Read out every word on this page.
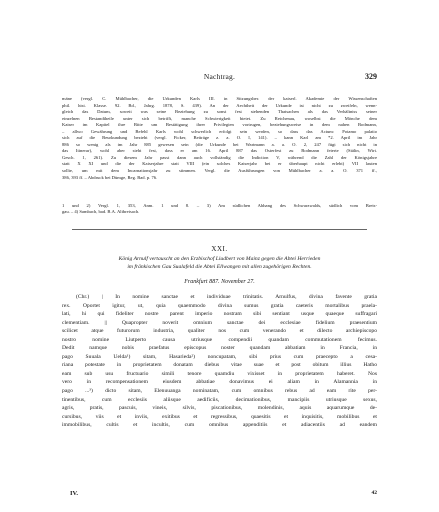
Nachtrag.	329
mäne (vergl. C. Mühlbacher, die Urkunden Karls III. in Sitzungsber. der kaiserl. Akademie der Wissenschaften
phil. hist. Klasse. 92. Bd., Jahrg. 1878, S. 439). An der Aechtheit der Urkunde ist nicht zu zweifeln, wenn-
gleich das Datum, soweit was seine Beziehung zu sonst fest stehenden Thatsachen als das Verhältniss seiner
einzelnen Bestandtheile unter sich betrifft, manche Schwierigkeit bietet. Zu Reichenau, woselbst die Mönche dem
Kaiser im Kapitel ihre Bitte um Bestätigung ihrer Privilegien vortrugen, beziehungsweise in dem nahen Bodmann,
– allwo Gewährung und Befehl Karls wohl schwerlich erfolgt sein werden, so dass das Actum: Potamo palatio
sich auf die Beurkundung bezieht (vergl. Ficker, Beiträge z. a. O. I, 141). – kann Karl am *2. April im Jahr
886 so wenig als im Jahr 885 gewesen sein (die Urkunde bei Wartmann a. a. O. 2, 247 fügt sich nicht in
das Itinerar), wohl aber steht fest, dass er am 16. April 887 das Osterfest zu Bodmann feierte (Stälin, Wirt.
Gesch. 1, 261). Zu diesem Jahr passt dann auch vollständig die Indiction V, während die Zahl der Königsjahre
statt X XI und die der Kaiserjahre statt VIII (ein solches Kaiserjahr bei er überhaupt nicht erlebt) VII lauten
sollte, um mit dem Incarnationsjahr zu stimmen. Vergl. die Ausführungen von Mühlbacher a. a. O. 371 ff.,
386, 393 ff. – Abdruck bei Dümge, Reg. Bad. p. 76.
1 und 2) Vergl. 1, 353, Anm. 1 und 8. – 3) Am südlichen Abhang des Schwarzwalds, südlich vom Breis-
gau. – 4) Sambach, bad. B.A. Altbreisach.
XXI.
König Arnulf vertauscht an den Erzbischof Liudbert von Mainz gegen die Abtei Herrieden
im fränkischen Gau Sualafeld die Abtei Ellwangen mit allen zugehörigen Rechten.
Frankfurt 887. November 27.
(Chr.) | In nomine sanctae et individuae trinitatis. Arnulfus, divina favente gratia
rex. Oportet igitur, ut, quia quaemmodo divina sumus gratia caeteris mortalibus praela-
lati, hi qui fideliter nostre parent imperio nostram sibi sentiant usque quaeque suffragari
clementiam. || Quapropter noverit omnium sanctae dei ecclesiae fidelium praesentium
scilicet atque futurorum industria, qualiter nos cum venerando et dilecto archiepiscopo
nostro nomine Liutperto causa utriusque compendii quandam commutationem fecimus.
Dedit namque nobis praefatus episcopus noster quandam abbatiam in Francia, in
pago Suuala Uelda¹) sitam, Hasarieda²) noncupatam, sibi prius cum praecepto a cesa-
riana potestate in proprietatem donatam diebus vitae suae et post obitum illius Hatho
eam sub usu fructuario simili tenore quamdiu vixisset in proprietatem haberet. Nos
vero in recompensationem eiusdem abbatiae donavimus ei aliam in Alamannia in
pago ...³) dicto sitam, Elenuuanga nominatam, cum omnibus rebus ad eam rite per-
tinentibus, cum ecclesiis aliisque aedificiis, decimationibus, mancipiis utriusque sexus,
agris, pratis, pascuis, vineis, silvis, piscationibus, molendinis, aquis aquarumque de-
cursibus, viis et inviis, exitibus et regressibus, quaesitis et inquisitis, mobilibus et
immobilibus, cultis et incultis, cum omnibus appenditiis et adiacentiis ad eandem
IV.	42
